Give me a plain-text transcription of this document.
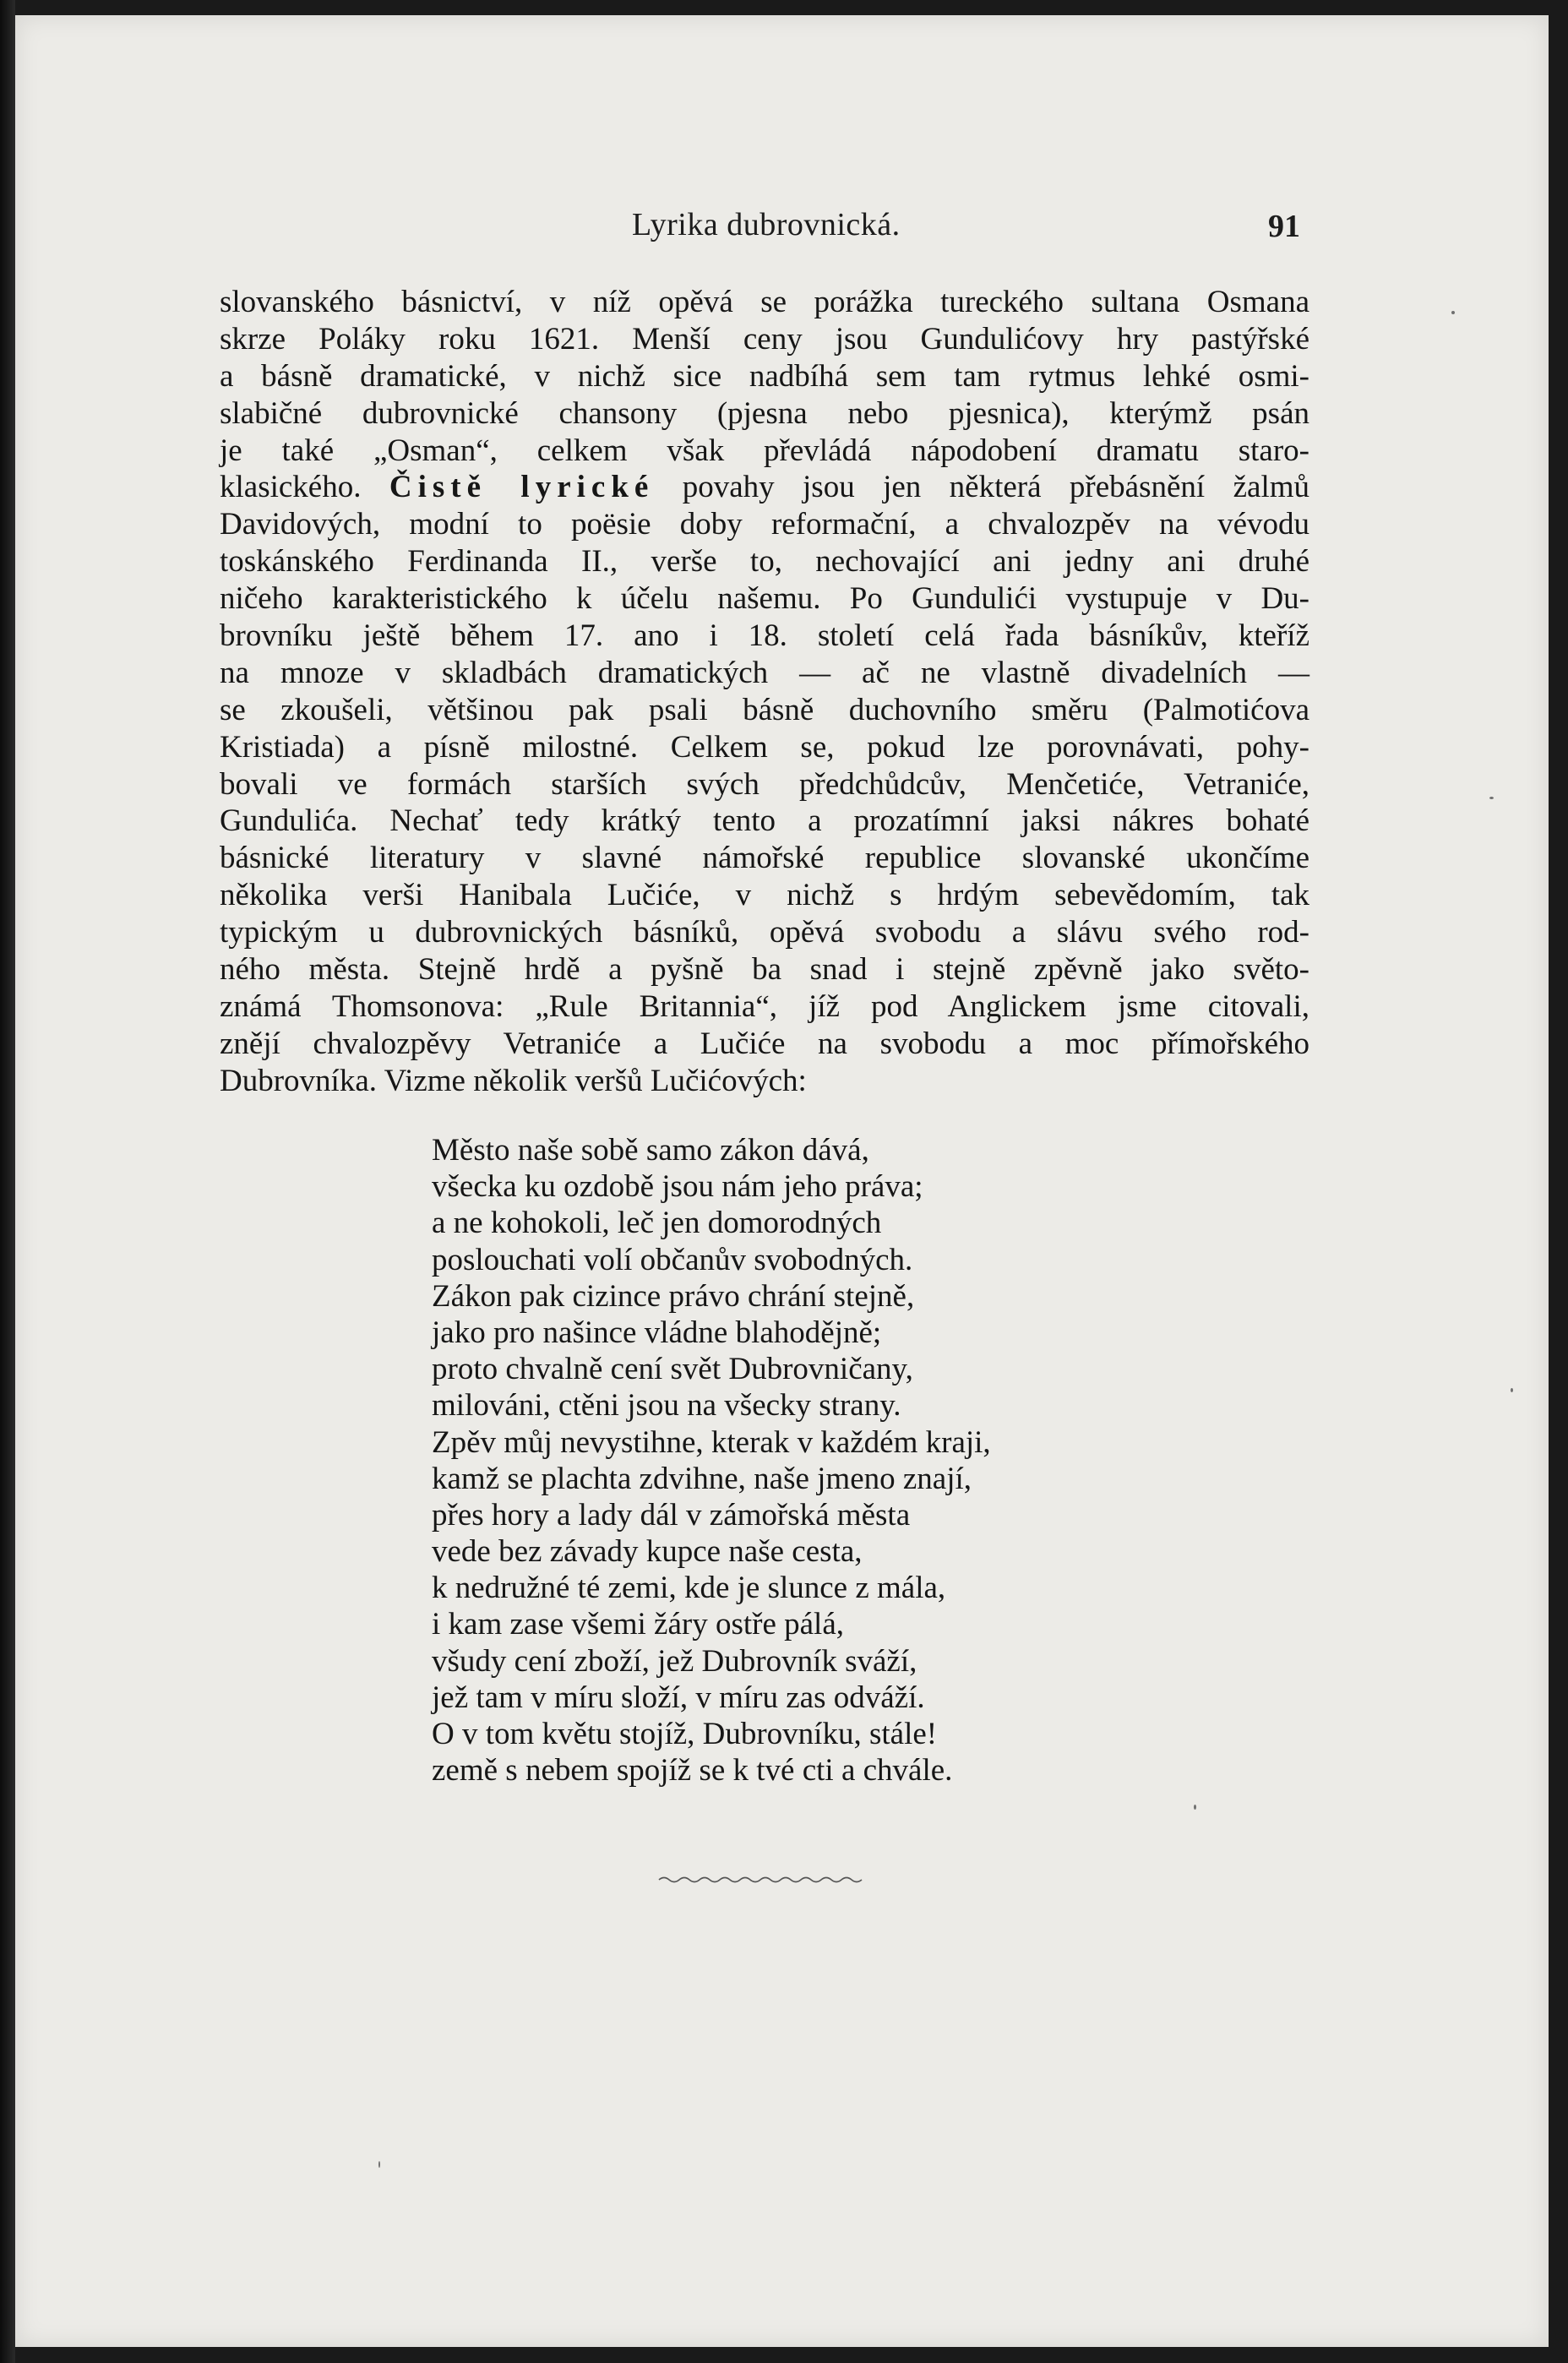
Lyrika dubrovnická.	91

slovanského básnictví, v níž opěvá se porážka tureckého sultana Osmana
skrze Poláky roku 1621. Menší ceny jsou Gundulićovy hry pastýřské
a básně dramatické, v nichž sice nadbíhá sem tam rytmus lehké osmi-
slabičné dubrovnické chansony (pjesna nebo pjesnica), kterýmž psán
je také „Osman“, celkem však převládá nápodobení dramatu staro-
klasického. Čistě lyrické povahy jsou jen některá přebásnění žalmů
Davidových, modní to poësie doby reformační, a chvalozpěv na vévodu
toskánského Ferdinanda II., verše to, nechovající ani jedny ani druhé
ničeho karakteristického k účelu našemu. Po Gundulići vystupuje v Du-
brovníku ještě během 17. ano i 18. století celá řada básníkův, kteříž
na mnoze v skladbách dramatických — ač ne vlastně divadelních —
se zkoušeli, většinou pak psali básně duchovního směru (Palmotićova
Kristiada) a písně milostné. Celkem se, pokud lze porovnávati, pohy-
bovali ve formách starších svých předchůdcův, Menčetiće, Vetraniće,
Gundulića. Nechať tedy krátký tento a prozatímní jaksi nákres bohaté
básnické literatury v slavné námořské republice slovanské ukončíme
několika verši Hanibala Lučiće, v nichž s hrdým sebevědomím, tak
typickým u dubrovnických básníků, opěvá svobodu a slávu svého rod-
ného města. Stejně hrdě a pyšně ba snad i stejně zpěvně jako světo-
známá Thomsonova: „Rule Britannia“, jíž pod Anglickem jsme citovali,
znějí chvalozpěvy Vetraniće a Lučiće na svobodu a moc přímořského
Dubrovníka. Vizme několik veršů Lučićových:

Město naše sobě samo zákon dává,
všecka ku ozdobě jsou nám jeho práva;
a ne kohokoli, leč jen domorodných
poslouchati volí občanův svobodných.
Zákon pak cizince právo chrání stejně,
jako pro našince vládne blahodějně;
proto chvalně cení svět Dubrovničany,
milováni, ctěni jsou na všecky strany.
Zpěv můj nevystihne, kterak v každém kraji,
kamž se plachta zdvihne, naše jmeno znají,
přes hory a lady dál v zámořská města
vede bez závady kupce naše cesta,
k nedružné té zemi, kde je slunce z mála,
i kam zase všemi žáry ostře pálá,
všudy cení zboží, jež Dubrovník sváží,
jež tam v míru složí, v míru zas odváží.
O v tom květu stojíž, Dubrovníku, stále!
země s nebem spojíž se k tvé cti a chvále.
